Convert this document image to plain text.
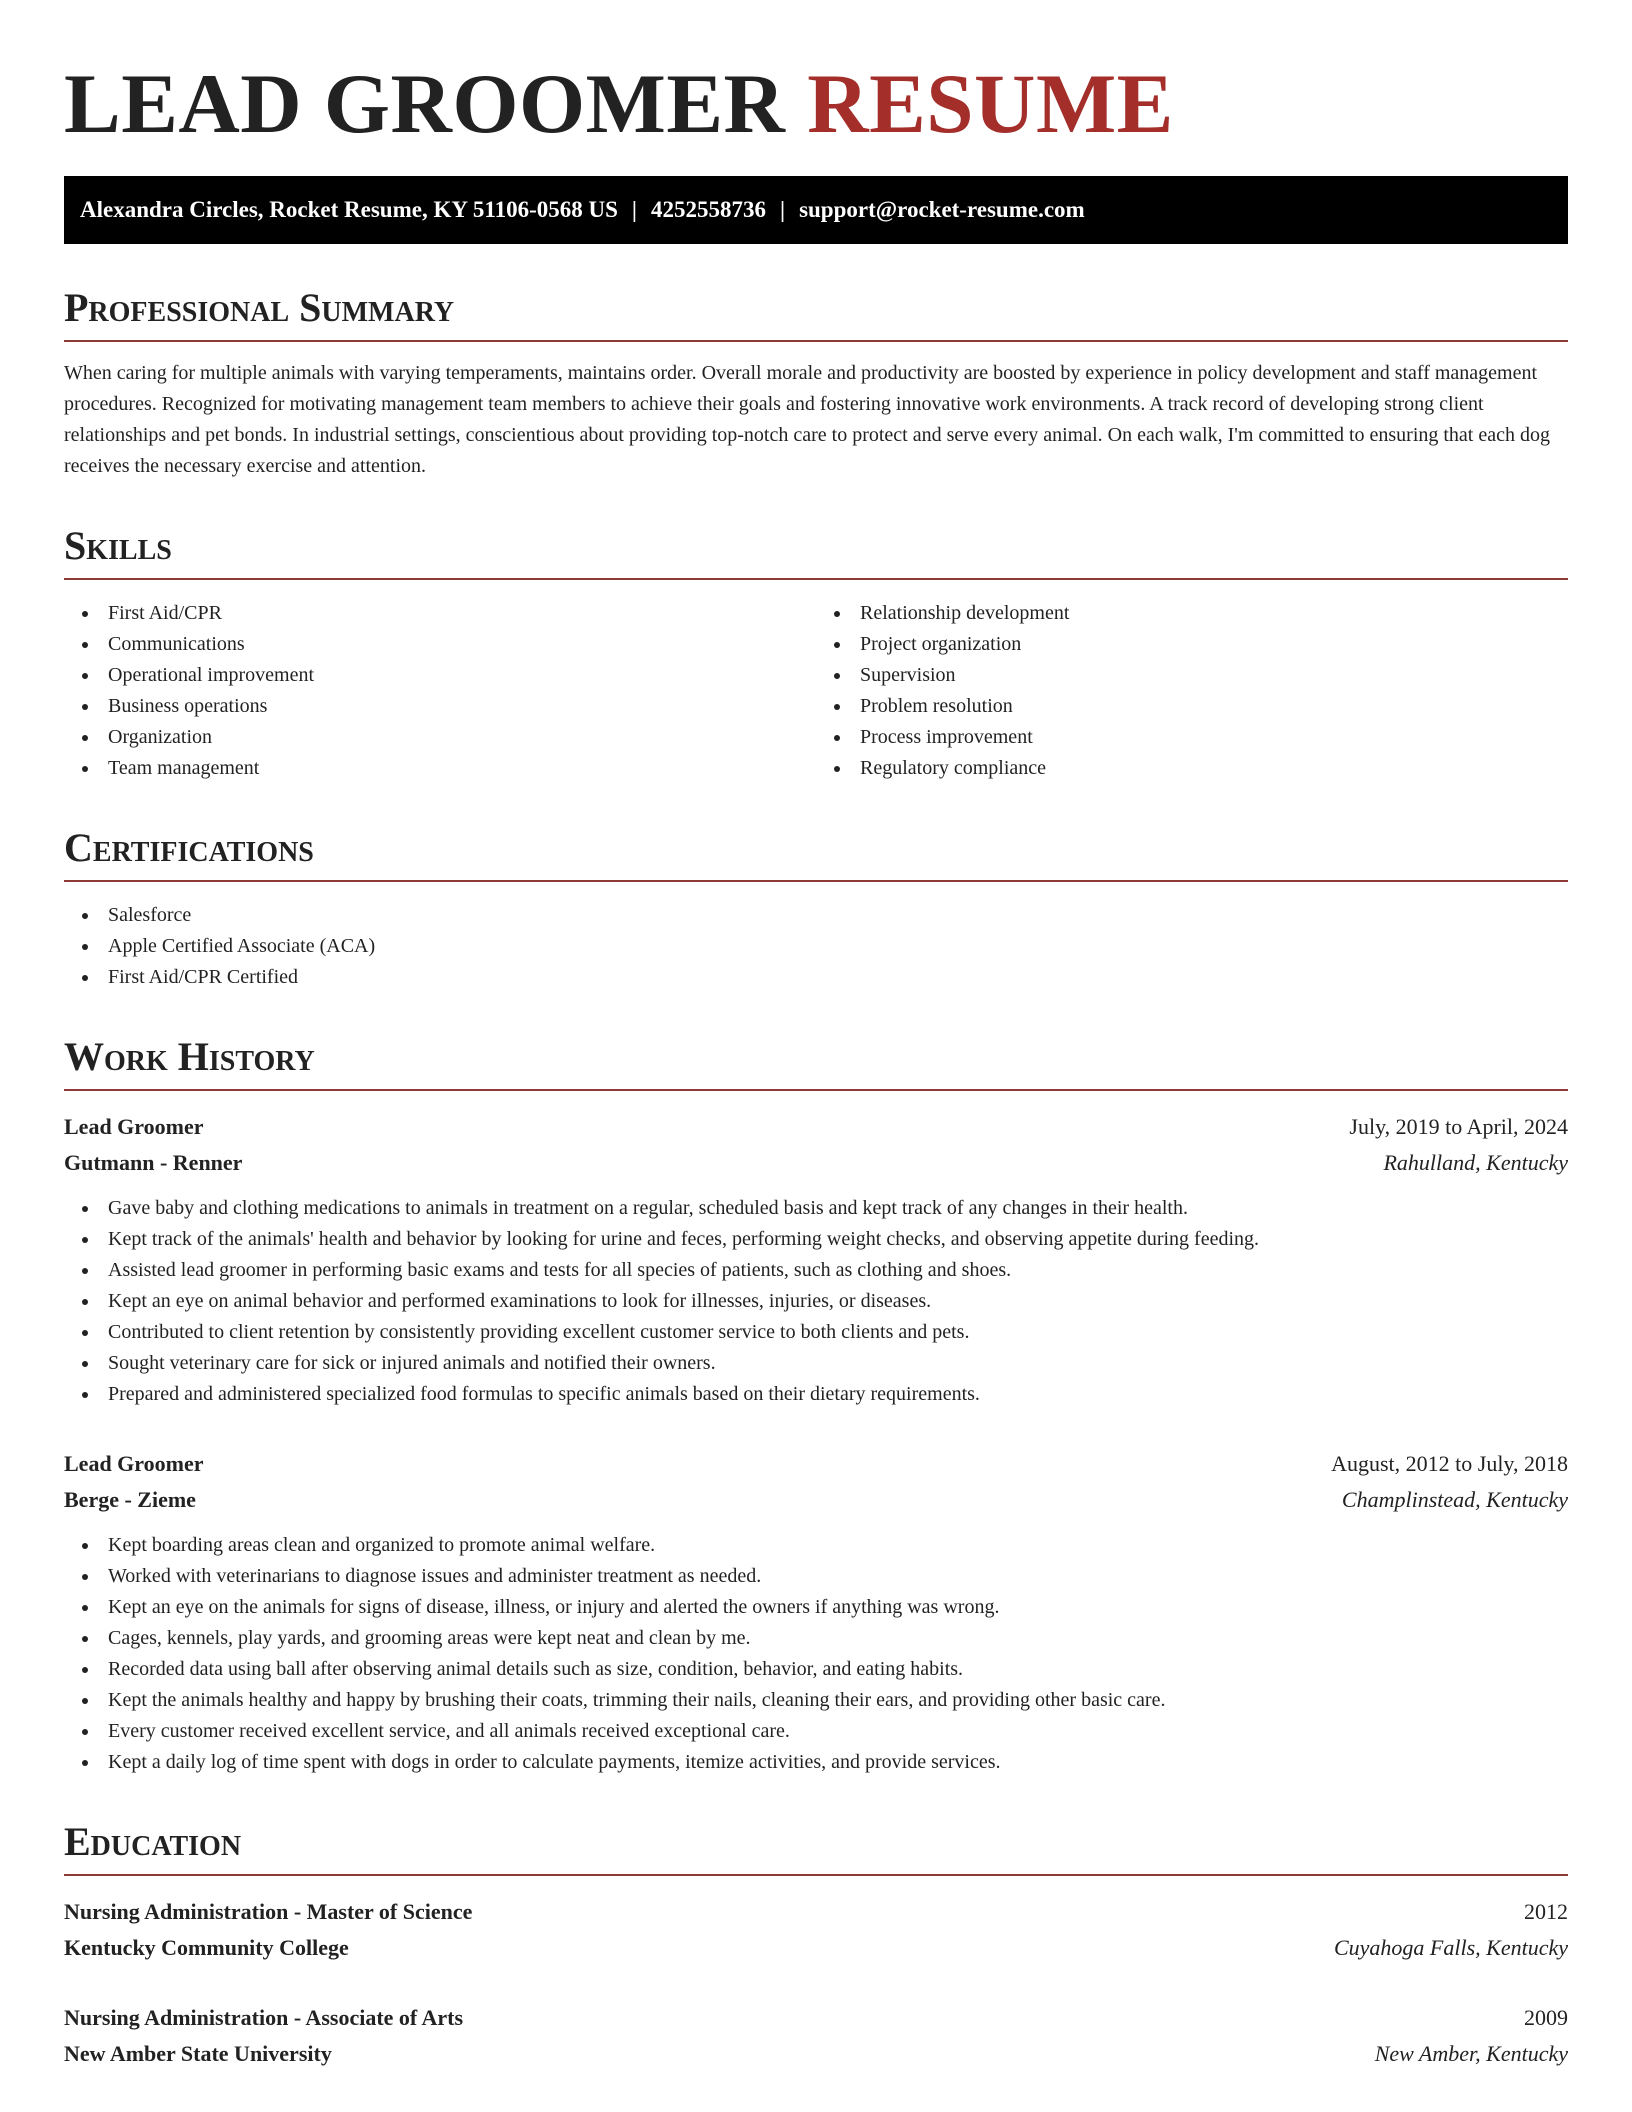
LEAD GROOMER RESUME
Alexandra Circles, Rocket Resume, KY 51106-0568 US | 4252558736 | support@rocket-resume.com
Professional Summary

When caring for multiple animals with varying temperaments, maintains order. Overall morale and productivity are boosted by experience in policy development and staff management procedures. Recognized for motivating management team members to achieve their goals and fostering innovative work environments. A track record of developing strong client relationships and pet bonds. In industrial settings, conscientious about providing top-notch care to protect and serve every animal. On each walk, I'm committed to ensuring that each dog receives the necessary exercise and attention.

Skills
First Aid/CPR
Communications
Operational improvement
Business operations
Organization
Team management
Relationship development
Project organization
Supervision
Problem resolution
Process improvement
Regulatory compliance
Certifications
Salesforce
Apple Certified Associate (ACA)
First Aid/CPR Certified
Work History
Lead Groomer	July, 2019 to April, 2024
Gutmann - Renner	Rahulland, Kentucky
Gave baby and clothing medications to animals in treatment on a regular, scheduled basis and kept track of any changes in their health.
Kept track of the animals' health and behavior by looking for urine and feces, performing weight checks, and observing appetite during feeding.
Assisted lead groomer in performing basic exams and tests for all species of patients, such as clothing and shoes.
Kept an eye on animal behavior and performed examinations to look for illnesses, injuries, or diseases.
Contributed to client retention by consistently providing excellent customer service to both clients and pets.
Sought veterinary care for sick or injured animals and notified their owners.
Prepared and administered specialized food formulas to specific animals based on their dietary requirements.
Lead Groomer	August, 2012 to July, 2018
Berge - Zieme	Champlinstead, Kentucky
Kept boarding areas clean and organized to promote animal welfare.
Worked with veterinarians to diagnose issues and administer treatment as needed.
Kept an eye on the animals for signs of disease, illness, or injury and alerted the owners if anything was wrong.
Cages, kennels, play yards, and grooming areas were kept neat and clean by me.
Recorded data using ball after observing animal details such as size, condition, behavior, and eating habits.
Kept the animals healthy and happy by brushing their coats, trimming their nails, cleaning their ears, and providing other basic care.
Every customer received excellent service, and all animals received exceptional care.
Kept a daily log of time spent with dogs in order to calculate payments, itemize activities, and provide services.
Education
Nursing Administration - Master of Science	2012
Kentucky Community College	Cuyahoga Falls, Kentucky
Nursing Administration - Associate of Arts	2009
New Amber State University	New Amber, Kentucky
